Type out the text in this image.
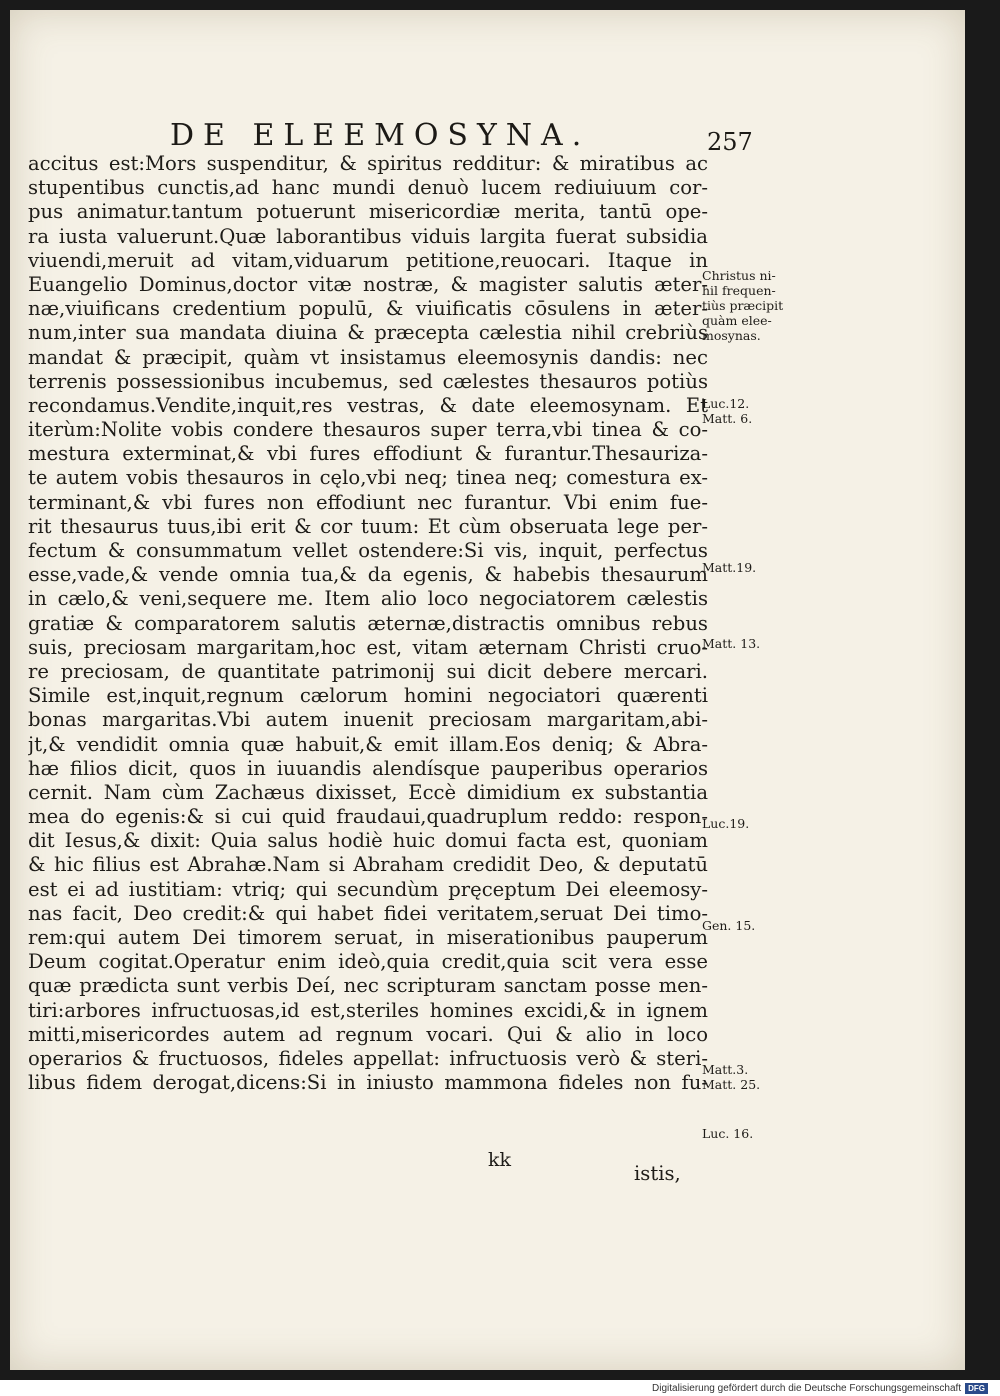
DE ELEEMOSYNA.	257
accitus est:Mors suspenditur, & spiritus redditur: & miratibus ac
stupentibus cunctis,ad hanc mundi denuò lucem rediuiuum cor-
pus animatur.tantum potuerunt misericordiæ merita, tantū ope-
ra iusta valuerunt.Quæ laborantibus viduis largita fuerat subsidia
viuendi,meruit ad vitam,viduarum petitione,reuocari. Itaque in
Euangelio Dominus,doctor vitæ nostræ, & magister salutis æter-
næ,viuificans credentium populū, & viuificatis cōsulens in æter-
num,inter sua mandata diuina & præcepta cælestia nihil crebriùs
mandat & præcipit, quàm vt insistamus eleemosynis dandis: nec
terrenis possessionibus incubemus, sed cælestes thesauros potiùs
recondamus.Vendite,inquit,res vestras, & date eleemosynam. Et
iterùm:Nolite vobis condere thesauros super terra,vbi tinea & co-
mestura exterminat,& vbi fures effodiunt & furantur.Thesauriza-
te autem vobis thesauros in cęlo,vbi neq; tinea neq; comestura ex-
terminant,& vbi fures non effodiunt nec furantur. Vbi enim fue-
rit thesaurus tuus,ibi erit & cor tuum: Et cùm obseruata lege per-
fectum & consummatum vellet ostendere:Si vis, inquit, perfectus
esse,vade,& vende omnia tua,& da egenis, & habebis thesaurum
in cælo,& veni,sequere me. Item alio loco negociatorem cælestis
gratiæ & comparatorem salutis æternæ,distractis omnibus rebus
suis, preciosam margaritam,hoc est, vitam æternam Christi cruo-
re preciosam, de quantitate patrimonij sui dicit debere mercari.
Simile est,inquit,regnum cælorum homini negociatori quærenti
bonas margaritas.Vbi autem inuenit preciosam margaritam,abi-
jt,& vendidit omnia quæ habuit,& emit illam.Eos deniq; & Abra-
hæ filios dicit, quos in iuuandis alendísque pauperibus operarios
cernit. Nam cùm Zachæus dixisset, Eccè dimidium ex substantia
mea do egenis:& si cui quid fraudaui,quadruplum reddo: respon-
dit Iesus,& dixit: Quia salus hodiè huic domui facta est, quoniam
& hic filius est Abrahæ.Nam si Abraham credidit Deo, & deputatū
est ei ad iustitiam: vtriq; qui secundùm pręceptum Dei eleemosy-
nas facit, Deo credit:& qui habet fidei veritatem,seruat Dei timo-
rem:qui autem Dei timorem seruat, in miserationibus pauperum
Deum cogitat.Operatur enim ideò,quia credit,quia scit vera esse
quæ prædicta sunt verbis Deí, nec scripturam sanctam posse men-
tiri:arbores infructuosas,id est,steriles homines excidi,& in ignem
mitti,misericordes autem ad regnum vocari. Qui & alio in loco
operarios & fructuosos, fideles appellat: infructuosis verò & steri-
libus fidem derogat,dicens:Si in iniusto mammona fideles non fu-
Christus ni-
hil frequen-
tiùs præcipit
quàm elee-
mosynas.
Luc.12.
Matt. 6.
Matt.19.
Matt. 13.
Luc.19.
Gen. 15.
Matt.3.
Matt. 25.
Luc. 16.
kk
istis,
Digitalisierung gefördert durch die Deutsche Forschungsgemeinschaft DFG
